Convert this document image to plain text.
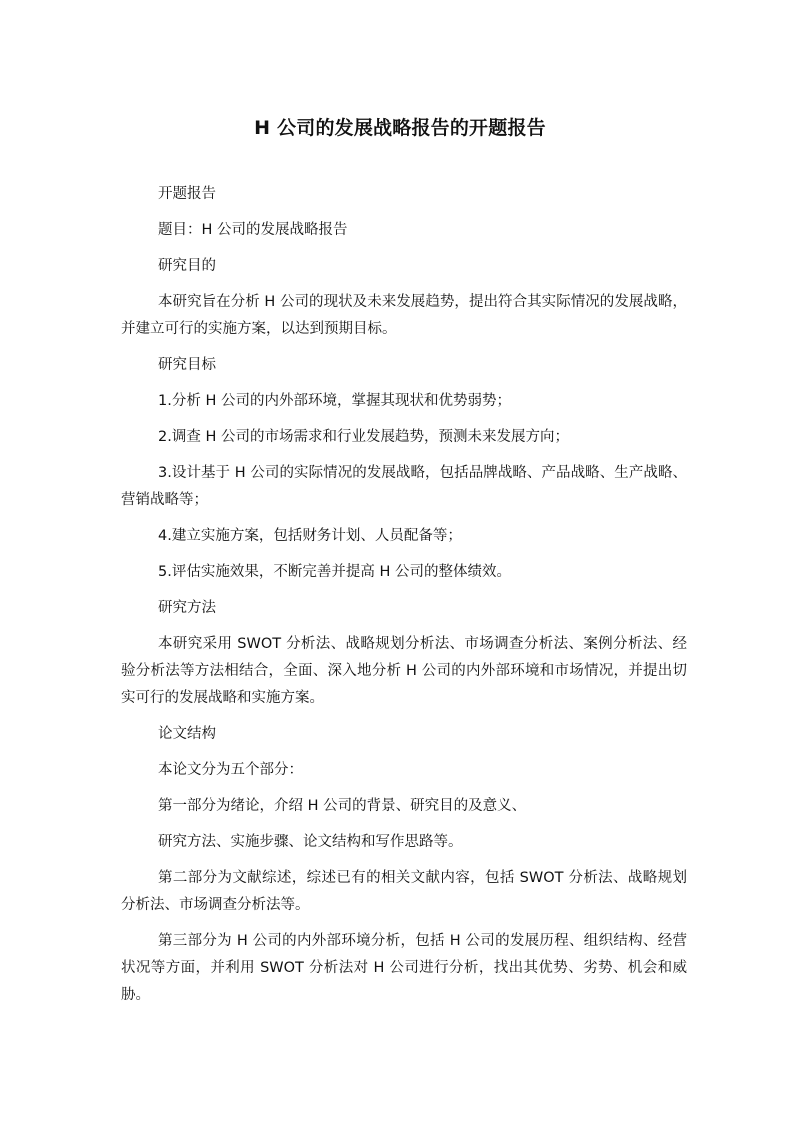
H 公司的发展战略报告的开题报告

开题报告

题目：H 公司的发展战略报告

研究目的

本研究旨在分析 H 公司的现状及未来发展趋势，提出符合其实际情况的发展战略，并建立可行的实施方案，以达到预期目标。

研究目标

1.分析 H 公司的内外部环境，掌握其现状和优势弱势；

2.调查 H 公司的市场需求和行业发展趋势，预测未来发展方向；

3.设计基于 H 公司的实际情况的发展战略，包括品牌战略、产品战略、生产战略、营销战略等；

4.建立实施方案，包括财务计划、人员配备等；

5.评估实施效果，不断完善并提高 H 公司的整体绩效。

研究方法

本研究采用 SWOT 分析法、战略规划分析法、市场调查分析法、案例分析法、经验分析法等方法相结合，全面、深入地分析 H 公司的内外部环境和市场情况，并提出切实可行的发展战略和实施方案。

论文结构

本论文分为五个部分：

第一部分为绪论，介绍 H 公司的背景、研究目的及意义、

研究方法、实施步骤、论文结构和写作思路等。

第二部分为文献综述，综述已有的相关文献内容，包括 SWOT 分析法、战略规划分析法、市场调查分析法等。

第三部分为 H 公司的内外部环境分析，包括 H 公司的发展历程、组织结构、经营状况等方面，并利用 SWOT 分析法对 H 公司进行分析，找出其优势、劣势、机会和威胁。
